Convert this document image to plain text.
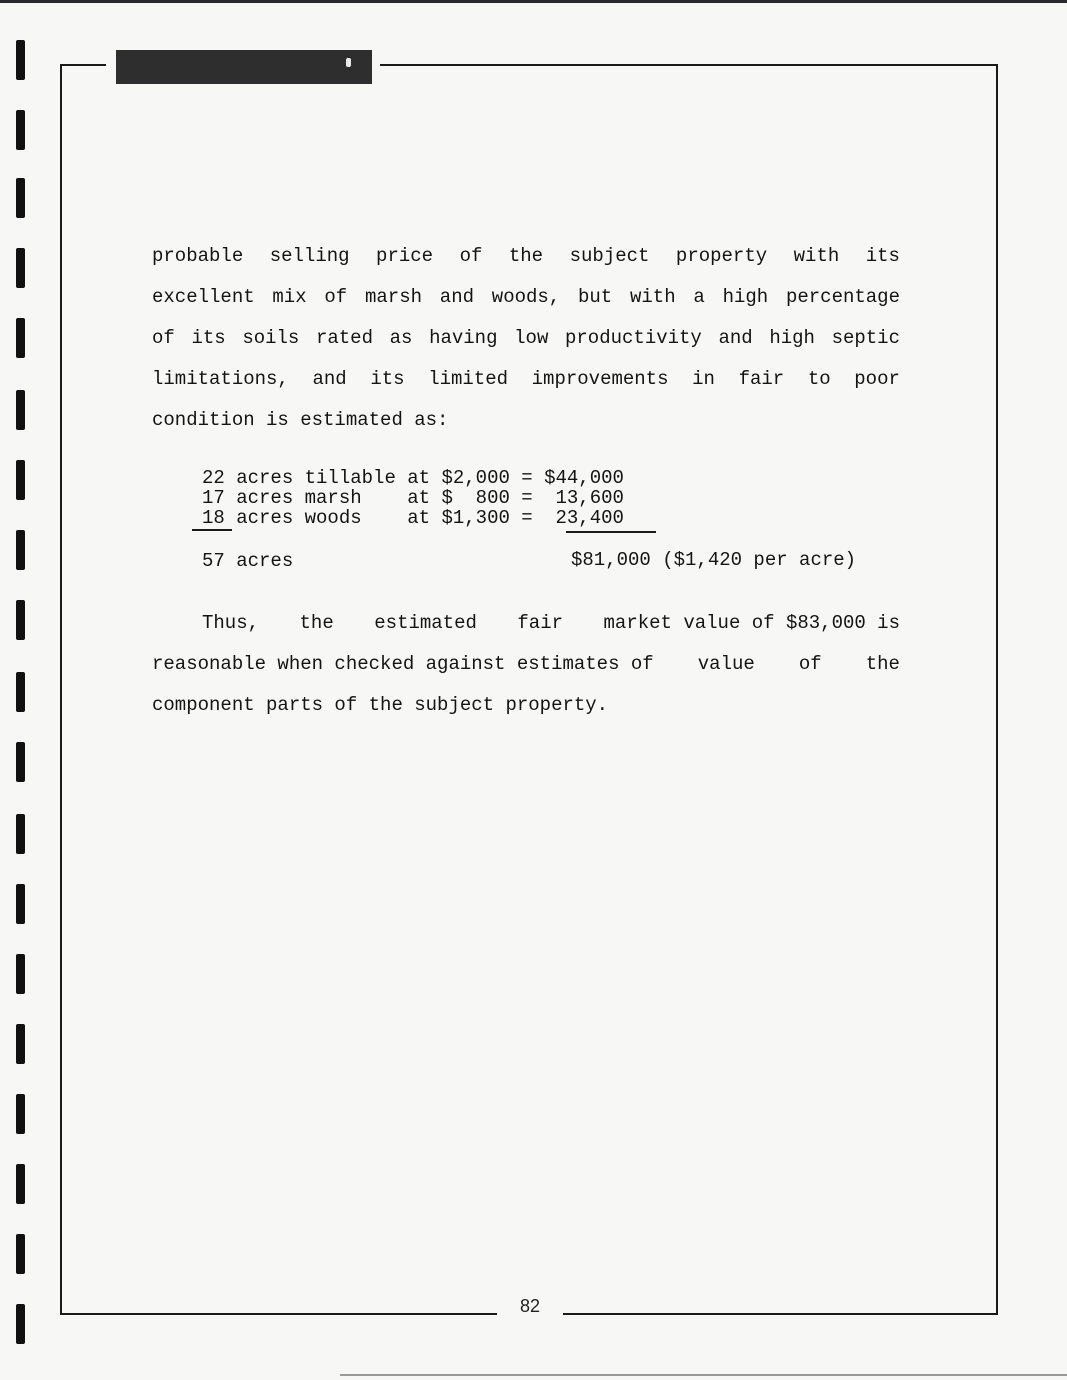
probable selling price of the subject property with its
excellent mix of marsh and woods, but with a high percentage
of its soils rated as having low productivity and high septic
limitations, and its limited improvements in fair to poor
condition is estimated as:
22 acres tillable at $2,000 = $44,000
17 acres marsh    at $  800 =  13,600
18 acres woods    at $1,300 =  23,400
57 acres	$81,000 ($1,420 per acre)
Thus, the estimated fair market value of $83,000 is
reasonable when checked against estimates of value of the
component parts of the subject property.
82
